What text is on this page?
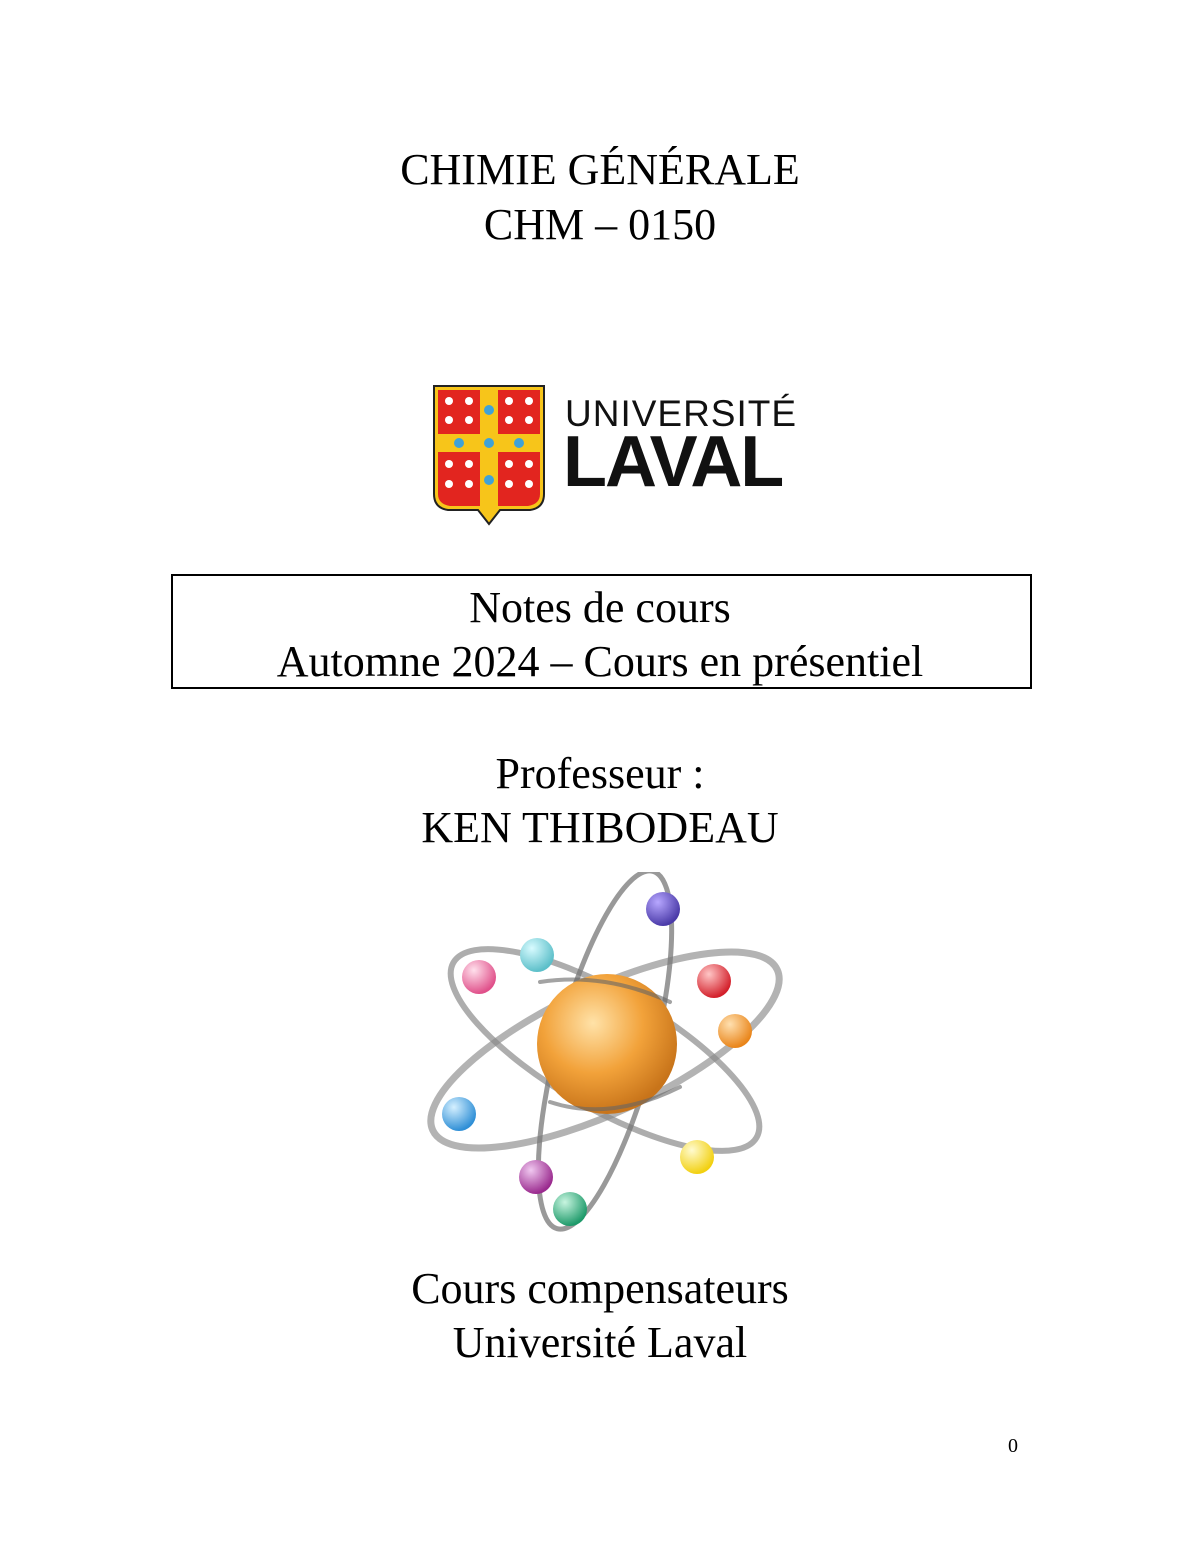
CHIMIE GÉNÉRALE
CHM – 0150
UNIVERSITÉ
LAVAL
Notes de cours
Automne 2024 – Cours en présentiel
Professeur :
KEN THIBODEAU
Cours compensateurs
Université Laval
0
